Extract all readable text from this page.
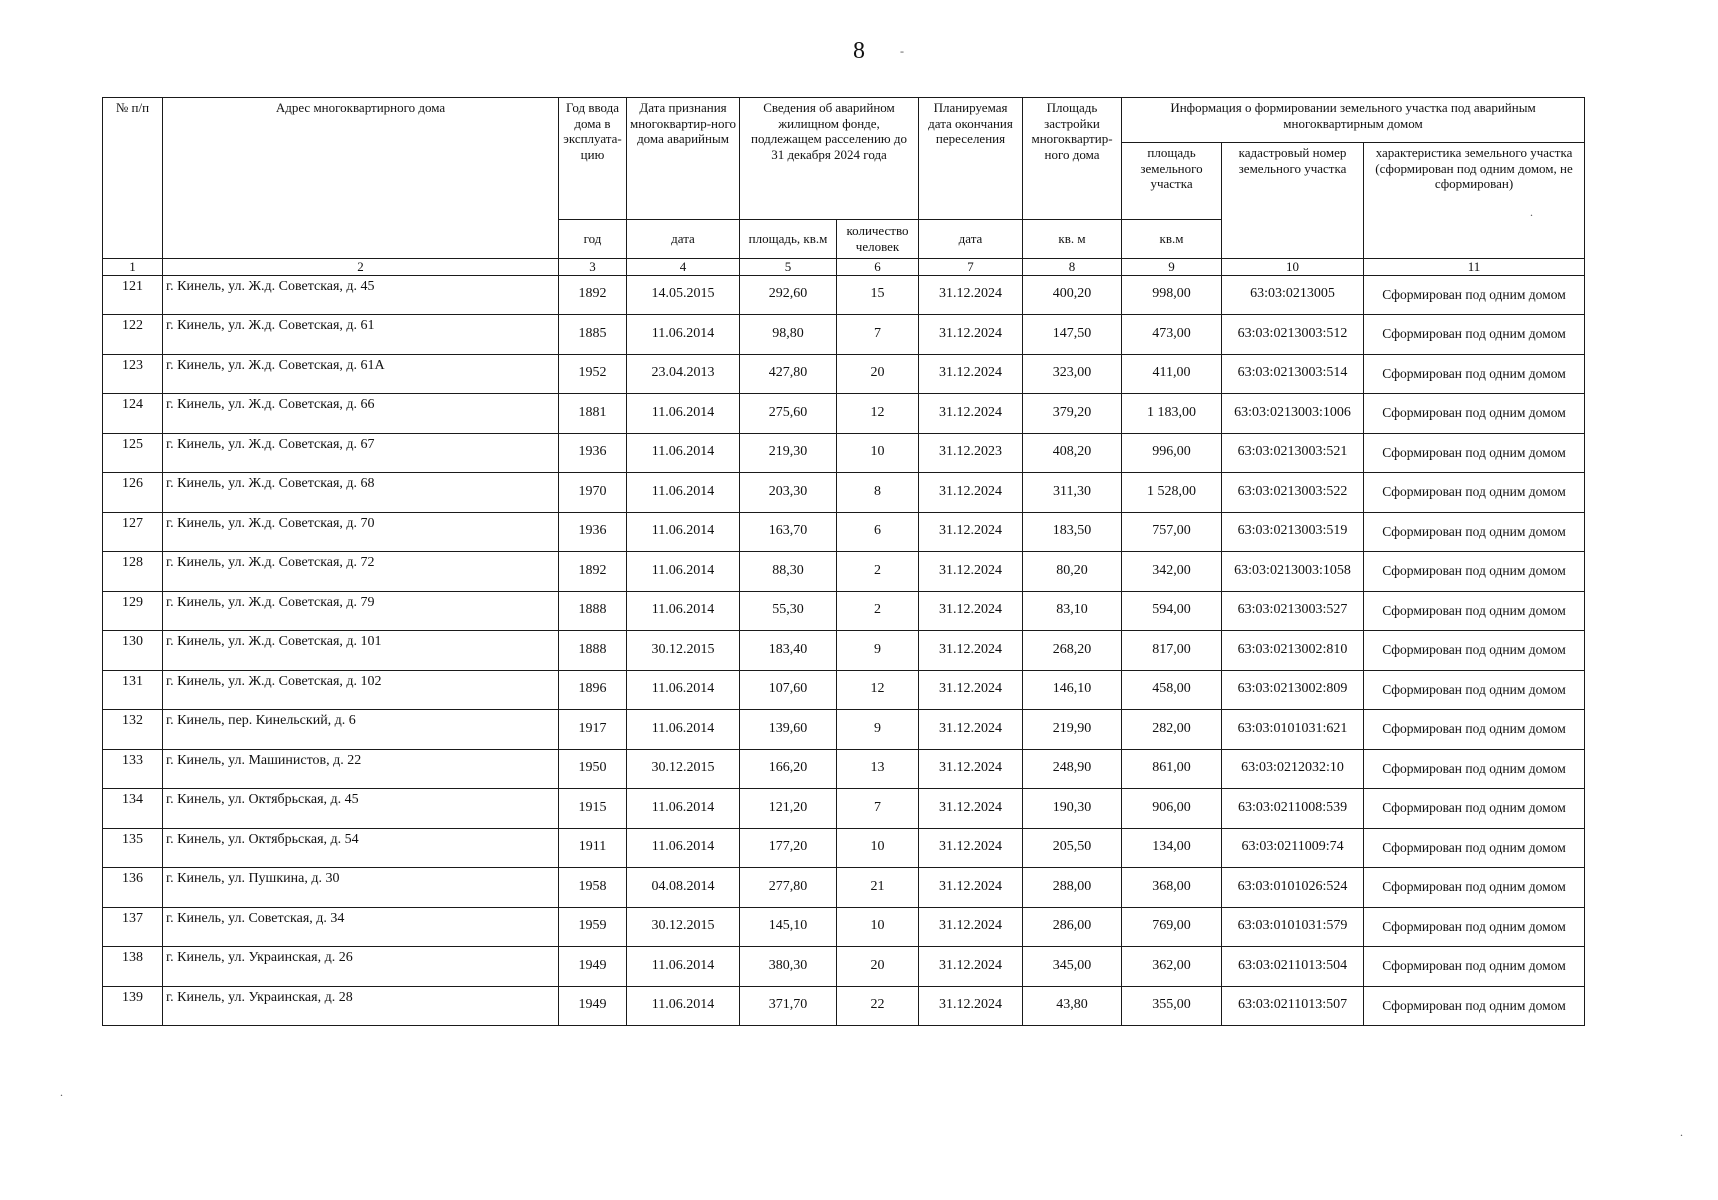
8
№ п/п	Адрес многоквартирного дома	Год ввода дома в эксплуата-цию	Дата признания многоквартир-ного дома аварийным	Сведения об аварийном жилищном фонде, подлежащем расселению до 31 декабря 2024 года		Планируемая дата окончания переселения	Площадь застройки многоквартир-ного дома	Информация о формировании земельного участка под аварийным многоквартирным домом		
								площадь земельного участка	кадастровый номер земельного участка	характеристика земельного участка (сформирован под одним домом, не сформирован)
		год	дата	площадь, кв.м	количество человек	дата	кв. м	кв.м		
1	2	3	4	5	6	7	8	9	10	11
121	г. Кинель, ул. Ж.д. Советская, д. 45	1892	14.05.2015	292,60	15	31.12.2024	400,20	998,00	63:03:0213005	Сформирован под одним домом
122	г. Кинель, ул. Ж.д. Советская, д. 61	1885	11.06.2014	98,80	7	31.12.2024	147,50	473,00	63:03:0213003:512	Сформирован под одним домом
123	г. Кинель, ул. Ж.д. Советская, д. 61А	1952	23.04.2013	427,80	20	31.12.2024	323,00	411,00	63:03:0213003:514	Сформирован под одним домом
124	г. Кинель, ул. Ж.д. Советская, д. 66	1881	11.06.2014	275,60	12	31.12.2024	379,20	1 183,00	63:03:0213003:1006	Сформирован под одним домом
125	г. Кинель, ул. Ж.д. Советская, д. 67	1936	11.06.2014	219,30	10	31.12.2023	408,20	996,00	63:03:0213003:521	Сформирован под одним домом
126	г. Кинель, ул. Ж.д. Советская, д. 68	1970	11.06.2014	203,30	8	31.12.2024	311,30	1 528,00	63:03:0213003:522	Сформирован под одним домом
127	г. Кинель, ул. Ж.д. Советская, д. 70	1936	11.06.2014	163,70	6	31.12.2024	183,50	757,00	63:03:0213003:519	Сформирован под одним домом
128	г. Кинель, ул. Ж.д. Советская, д. 72	1892	11.06.2014	88,30	2	31.12.2024	80,20	342,00	63:03:0213003:1058	Сформирован под одним домом
129	г. Кинель, ул. Ж.д. Советская, д. 79	1888	11.06.2014	55,30	2	31.12.2024	83,10	594,00	63:03:0213003:527	Сформирован под одним домом
130	г. Кинель, ул. Ж.д. Советская, д. 101	1888	30.12.2015	183,40	9	31.12.2024	268,20	817,00	63:03:0213002:810	Сформирован под одним домом
131	г. Кинель, ул. Ж.д. Советская, д. 102	1896	11.06.2014	107,60	12	31.12.2024	146,10	458,00	63:03:0213002:809	Сформирован под одним домом
132	г. Кинель, пер. Кинельский, д. 6	1917	11.06.2014	139,60	9	31.12.2024	219,90	282,00	63:03:0101031:621	Сформирован под одним домом
133	г. Кинель, ул. Машинистов, д. 22	1950	30.12.2015	166,20	13	31.12.2024	248,90	861,00	63:03:0212032:10	Сформирован под одним домом
134	г. Кинель, ул. Октябрьская, д. 45	1915	11.06.2014	121,20	7	31.12.2024	190,30	906,00	63:03:0211008:539	Сформирован под одним домом
135	г. Кинель, ул. Октябрьская, д. 54	1911	11.06.2014	177,20	10	31.12.2024	205,50	134,00	63:03:0211009:74	Сформирован под одним домом
136	г. Кинель, ул. Пушкина, д. 30	1958	04.08.2014	277,80	21	31.12.2024	288,00	368,00	63:03:0101026:524	Сформирован под одним домом
137	г. Кинель, ул. Советская, д. 34	1959	30.12.2015	145,10	10	31.12.2024	286,00	769,00	63:03:0101031:579	Сформирован под одним домом
138	г. Кинель, ул. Украинская, д. 26	1949	11.06.2014	380,30	20	31.12.2024	345,00	362,00	63:03:0211013:504	Сформирован под одним домом
139	г. Кинель, ул. Украинская, д. 28	1949	11.06.2014	371,70	22	31.12.2024	43,80	355,00	63:03:0211013:507	Сформирован под одним домом
-
.
.
.
